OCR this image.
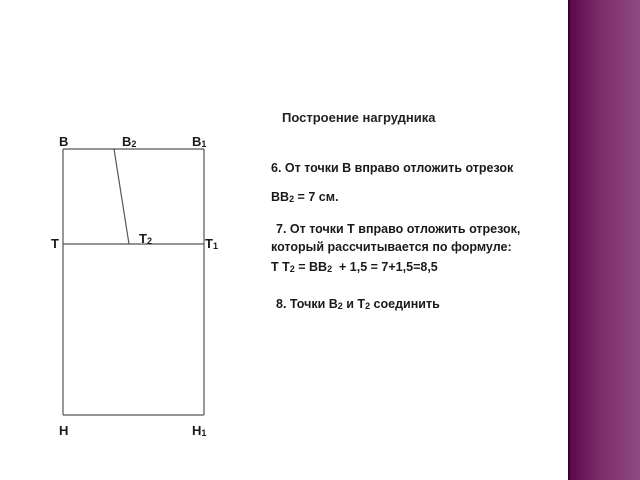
Построение нагрудника
В	$В_2$	$В_1$
Т	$Т_2$	$Т_1$
Н	$Н_1$
6. От точки В вправо отложить отрезок
$ВВ_2 = 7$ см.
7. От точки Т вправо отложить отрезок,
который рассчитывается по формуле:
Т $Т_2 = ВВ_2 + 1,5 = 7+1,5=8,5$
8. Точки $В_2$ и $Т_2$ соединить
